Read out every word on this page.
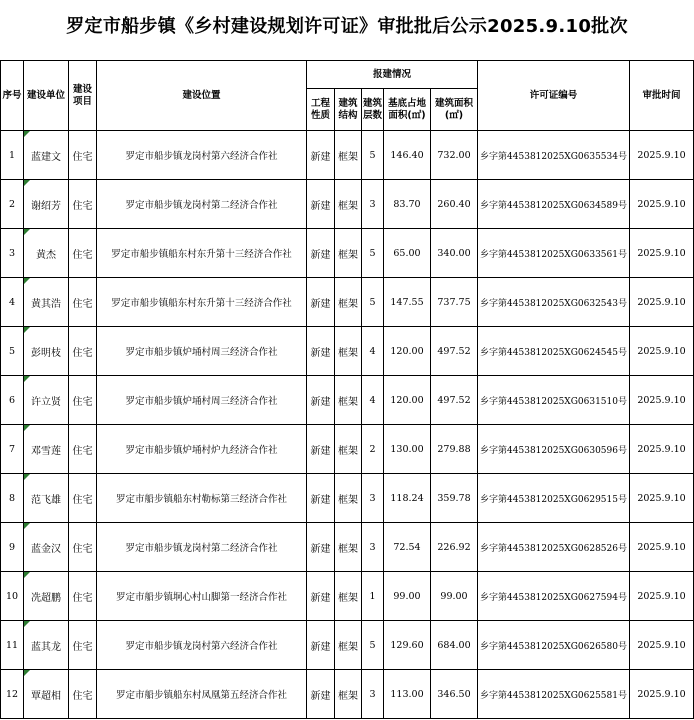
罗定市船步镇《乡村建设规划许可证》审批批后公示2025.9.10批次
序号	建设单位	建设项目	建设位置	报建情况					许可证编号	审批时间
				工程性质	建筑结构	建筑层数	基底占地面积(㎡)	建筑面积(㎡)		
1	蓝建文	住宅	罗定市船步镇龙岗村第六经济合作社	新建	框架	5	146.40	732.00	乡字第4453812025XG0635534号	2025.9.10
2	谢绍芳	住宅	罗定市船步镇龙岗村第二经济合作社	新建	框架	3	83.70	260.40	乡字第4453812025XG0634589号	2025.9.10
3	黄杰	住宅	罗定市船步镇船东村东升第十三经济合作社	新建	框架	5	65.00	340.00	乡字第4453812025XG0633561号	2025.9.10
4	黄其浩	住宅	罗定市船步镇船东村东升第十三经济合作社	新建	框架	5	147.55	737.75	乡字第4453812025XG0632543号	2025.9.10
5	彭明枝	住宅	罗定市船步镇炉埇村周三经济合作社	新建	框架	4	120.00	497.52	乡字第4453812025XG0624545号	2025.9.10
6	许立贤	住宅	罗定市船步镇炉埇村周三经济合作社	新建	框架	4	120.00	497.52	乡字第4453812025XG0631510号	2025.9.10
7	邓雪莲	住宅	罗定市船步镇炉埇村炉九经济合作社	新建	框架	2	130.00	279.88	乡字第4453812025XG0630596号	2025.9.10
8	范飞雄	住宅	罗定市船步镇船东村勒标第三经济合作社	新建	框架	3	118.24	359.78	乡字第4453812025XG0629515号	2025.9.10
9	蓝金汉	住宅	罗定市船步镇龙岗村第二经济合作社	新建	框架	3	72.54	226.92	乡字第4453812025XG0628526号	2025.9.10
10	冼超鹏	住宅	罗定市船步镇垌心村山脚第一经济合作社	新建	框架	1	99.00	99.00	乡字第4453812025XG0627594号	2025.9.10
11	蓝其龙	住宅	罗定市船步镇龙岗村第六经济合作社	新建	框架	5	129.60	684.00	乡字第4453812025XG0626580号	2025.9.10
12	覃超相	住宅	罗定市船步镇船东村凤凰第五经济合作社	新建	框架	3	113.00	346.50	乡字第4453812025XG0625581号	2025.9.10
